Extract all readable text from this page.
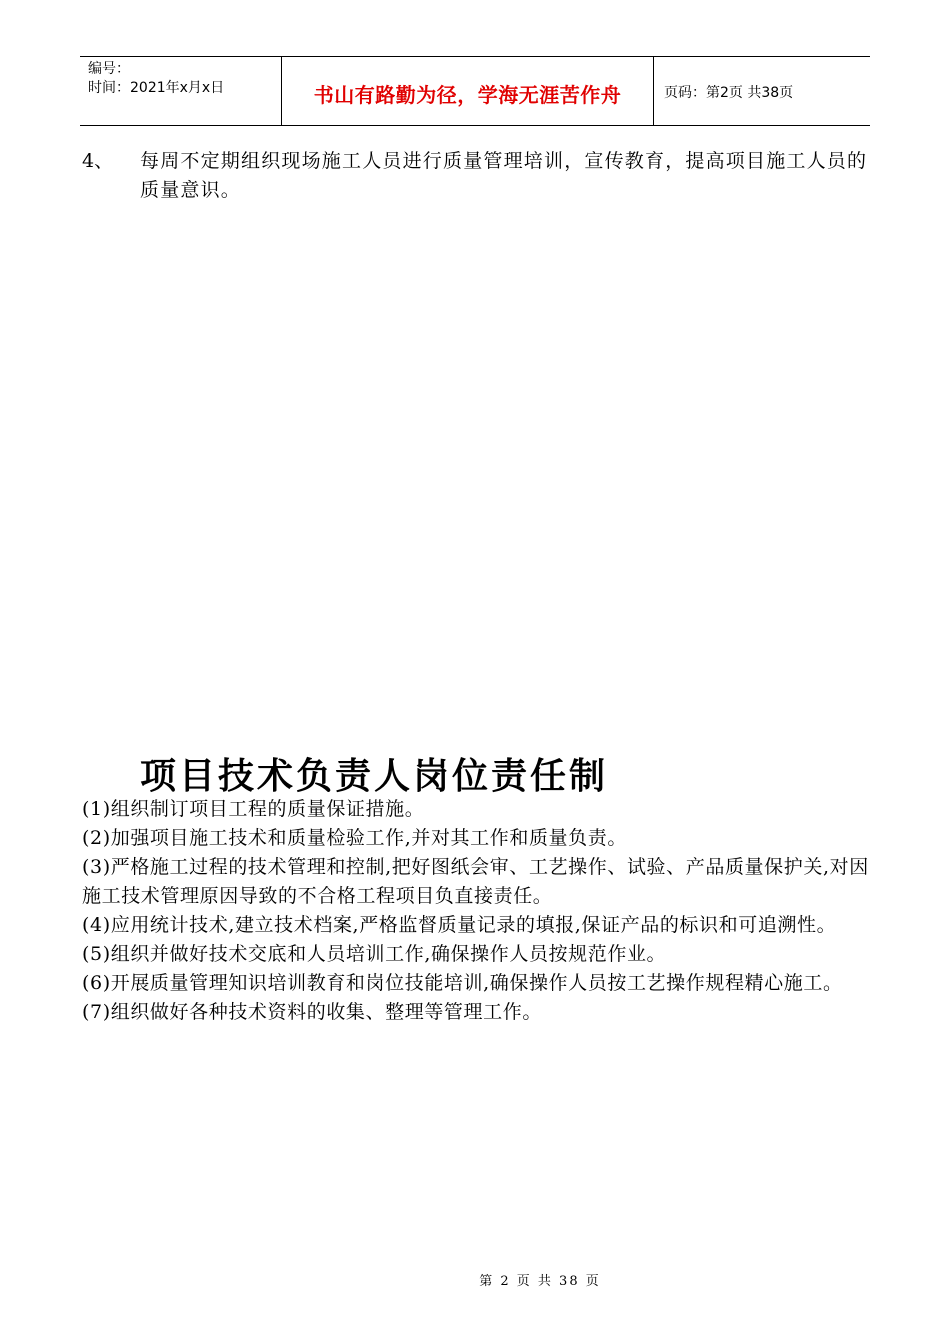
编号：
时间：2021年x月x日	书山有路勤为径，学海无涯苦作舟	页码：第2页 共38页
4、 每周不定期组织现场施工人员进行质量管理培训，宣传教育，提高项目施工人员的质量意识。
项目技术负责人岗位责任制

(1)组织制订项目工程的质量保证措施。

(2)加强项目施工技术和质量检验工作,并对其工作和质量负责。

(3)严格施工过程的技术管理和控制,把好图纸会审、工艺操作、试验、产品质量保护关,对因施工技术管理原因导致的不合格工程项目负直接责任。

(4)应用统计技术,建立技术档案,严格监督质量记录的填报,保证产品的标识和可追溯性。

(5)组织并做好技术交底和人员培训工作,确保操作人员按规范作业。

(6)开展质量管理知识培训教育和岗位技能培训,确保操作人员按工艺操作规程精心施工。

(7)组织做好各种技术资料的收集、整理等管理工作。

第 2 页 共 38 页
